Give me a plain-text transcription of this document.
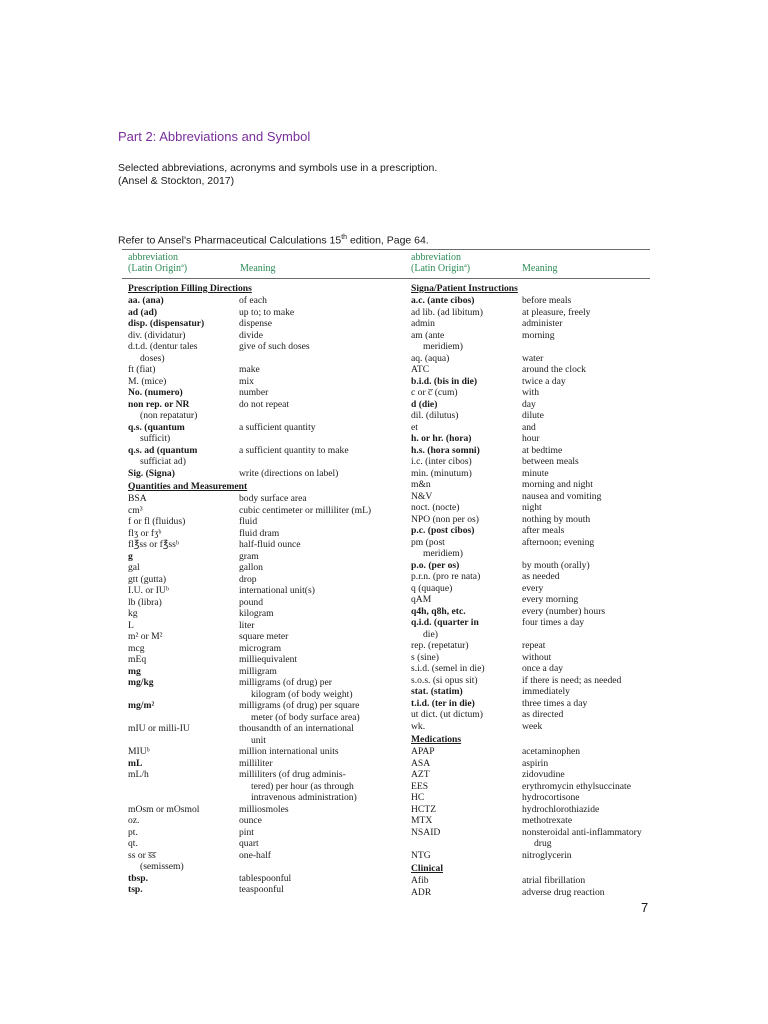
Part 2: Abbreviations and Symbol
Selected abbreviations, acronyms and symbols use in a prescription.
(Ansel & Stockton, 2017)
Refer to Ansel's Pharmaceutical Calculations 15th edition, Page 64.
abbreviation
(Latin Originª)	Meaning
abbreviation
(Latin Originª)	Meaning
Prescription Filling Directions
aa. (ana)	of each
ad (ad)	up to; to make
disp. (dispensatur)	dispense
div. (dividatur)	divide
d.t.d. (dentur tales	give of such doses
doses)
ft (fiat)	make
M. (mice)	mix
No. (numero)	number
non rep. or NR	do not repeat
(non repatatur)
q.s. (quantum	a sufficient quantity
sufficit)
q.s. ad (quantum	a sufficient quantity to make
sufficiat ad)
Sig. (Signa)	write (directions on label)
Quantities and Measurement
BSA	body surface area
cm³	cubic centimeter or milliliter (mL)
f or fl (fluidus)	fluid
flʒ or fʒᵇ	fluid dram
fl℥ss or f℥ssᵇ	half-fluid ounce
g	gram
gal	gallon
gtt (gutta)	drop
I.U. or IUᵇ	international unit(s)
lb (libra)	pound
kg	kilogram
L	liter
m² or M²	square meter
mcg	microgram
mEq	milliequivalent
mg	milligram
mg/kg	milligrams (of drug) per
kilogram (of body weight)
mg/m²	milligrams (of drug) per square
meter (of body surface area)
mIU or milli-IU	thousandth of an international
unit
MIUᵇ	million international units
mL	milliliter
mL/h	milliliters (of drug adminis-
tered) per hour (as through
intravenous administration)
mOsm or mOsmol	milliosmoles
oz.	ounce
pt.	pint
qt.	quart
ss or s̅s̅	one-half
(semissem)
tbsp.	tablespoonful
tsp.	teaspoonful
Signa/Patient Instructions
a.c. (ante cibos)	before meals
ad lib. (ad libitum)	at pleasure, freely
admin	administer
am (ante	morning
meridiem)
aq. (aqua)	water
ATC	around the clock
b.i.d. (bis in die)	twice a day
c or c̅ (cum)	with
d (die)	day
dil. (dilutus)	dilute
et	and
h. or hr. (hora)	hour
h.s. (hora somni)	at bedtime
i.c. (inter cibos)	between meals
min. (minutum)	minute
m&n	morning and night
N&V	nausea and vomiting
noct. (nocte)	night
NPO (non per os)	nothing by mouth
p.c. (post cibos)	after meals
pm (post	afternoon; evening
meridiem)
p.o. (per os)	by mouth (orally)
p.r.n. (pro re nata)	as needed
q (quaque)	every
qAM	every morning
q4h, q8h, etc.	every (number) hours
q.i.d. (quarter in	four times a day
die)
rep. (repetatur)	repeat
s (sine)	without
s.i.d. (semel in die)	once a day
s.o.s. (si opus sit)	if there is need; as needed
stat. (statim)	immediately
t.i.d. (ter in die)	three times a day
ut dict. (ut dictum)	as directed
wk.	week
Medications
APAP	acetaminophen
ASA	aspirin
AZT	zidovudine
EES	erythromycin ethylsuccinate
HC	hydrocortisone
HCTZ	hydrochlorothiazide
MTX	methotrexate
NSAID	nonsteroidal anti-inflammatory
drug
NTG	nitroglycerin
Clinical
Afib	atrial fibrillation
ADR	adverse drug reaction
7
